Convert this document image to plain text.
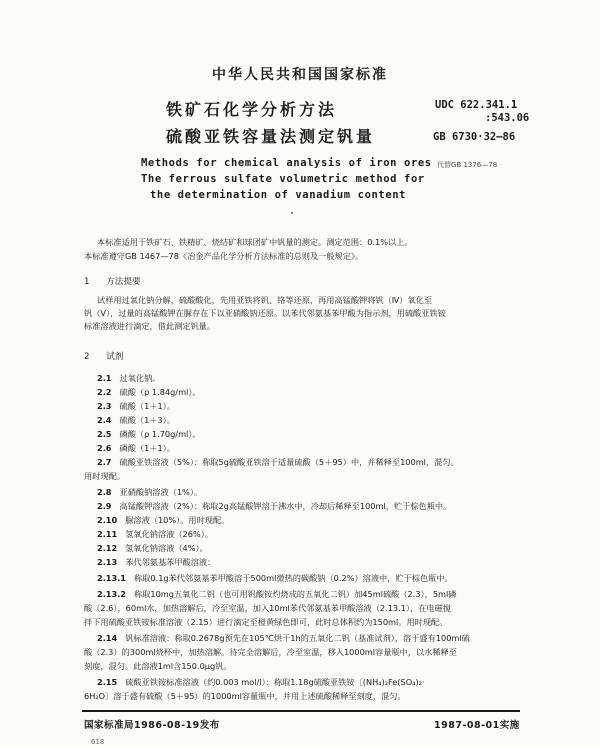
中华人民共和国国家标准
铁矿石化学分析方法
硫酸亚铁容量法测定钒量
UDC 622.341.1
:543.06
GB 6730·32—86
代替GB 1376—78
Methods for chemical analysis of iron ores
The ferrous sulfate volumetric method for
the determination of vanadium content
本标准适用于铁矿石、铁精矿、烧结矿和球团矿中钒量的测定。测定范围：0.1%以上。
本标准遵守GB 1467—78《冶金产品化学分析方法标准的总则及一般规定》。
1 方法提要
试样用过氧化钠分解，硫酸酸化，先用亚铁将钒、铬等还原，再用高锰酸钾将钒（Ⅳ）氧化至
钒（V），过量的高锰酸钾在脲存在下以亚硝酸钠还原。以苯代邻氨基苯甲酸为指示剂，用硫酸亚铁铵
标准溶液进行滴定，借此测定钒量。
2 试剂
2.1 过氧化钠。
2.2 硫酸（ρ 1.84g/ml）。
2.3 硫酸（1＋1）。
2.4 硫酸（1＋3）。
2.5 磷酸（ρ 1.70g/ml）。
2.6 磷酸（1＋1）。
2.7 硫酸亚铁溶液（5%）：称取5g硫酸亚铁溶于适量硫酸（5＋95）中，并稀释至100ml，混匀。
用时现配。
2.8 亚硝酸钠溶液（1%）。
2.9 高锰酸钾溶液（2%）：称取2g高锰酸钾溶于沸水中，冷却后稀释至100ml，贮于棕色瓶中。
2.10 脲溶液（10%）。用时现配。
2.11 氢氧化钠溶液（26%）。
2.12 氢氧化钠溶液（4%）。
2.13 苯代邻氨基苯甲酸溶液：
2.13.1 称取0.1g苯代邻氨基苯甲酸溶于500ml微热的碳酸钠（0.2%）溶液中，贮于棕色瓶中。
2.13.2 称取10mg五氧化二钒（也可用钒酸铵灼烧成的五氧化二钒）加45ml硫酸（2.3），5ml磷
酸（2.6），60ml水，加热溶解后，冷至室温，加入10ml苯代邻氨基苯甲酸溶液（2.13.1），在电磁搅
拌下用硫酸亚铁铵标准溶液（2.15）进行滴定至橙黄绿色即可，此时总体积约为150ml。用时现配。
2.14 钒标准溶液：称取0.2678g预先在105℃烘干1h的五氧化二钒（基准试剂），溶于盛有100ml硫
酸（2.3）的300ml烧杯中，加热溶解。待完全溶解后，冷至室温，移入1000ml容量瓶中，以水稀释至
刻度，混匀。此溶液1ml含150.0μg钒。
2.15 硫酸亚铁铵标准溶液（约0.003 mol/l）：称取1.18g硫酸亚铁铵〔(NH₄)₂Fe(SO₄)₂·
6H₂O〕溶于盛有硫酸（5＋95）的1000ml容量瓶中，并用上述硫酸稀释至刻度，混匀。
国家标准局1986-08-19发布	1987-08-01实施
618
